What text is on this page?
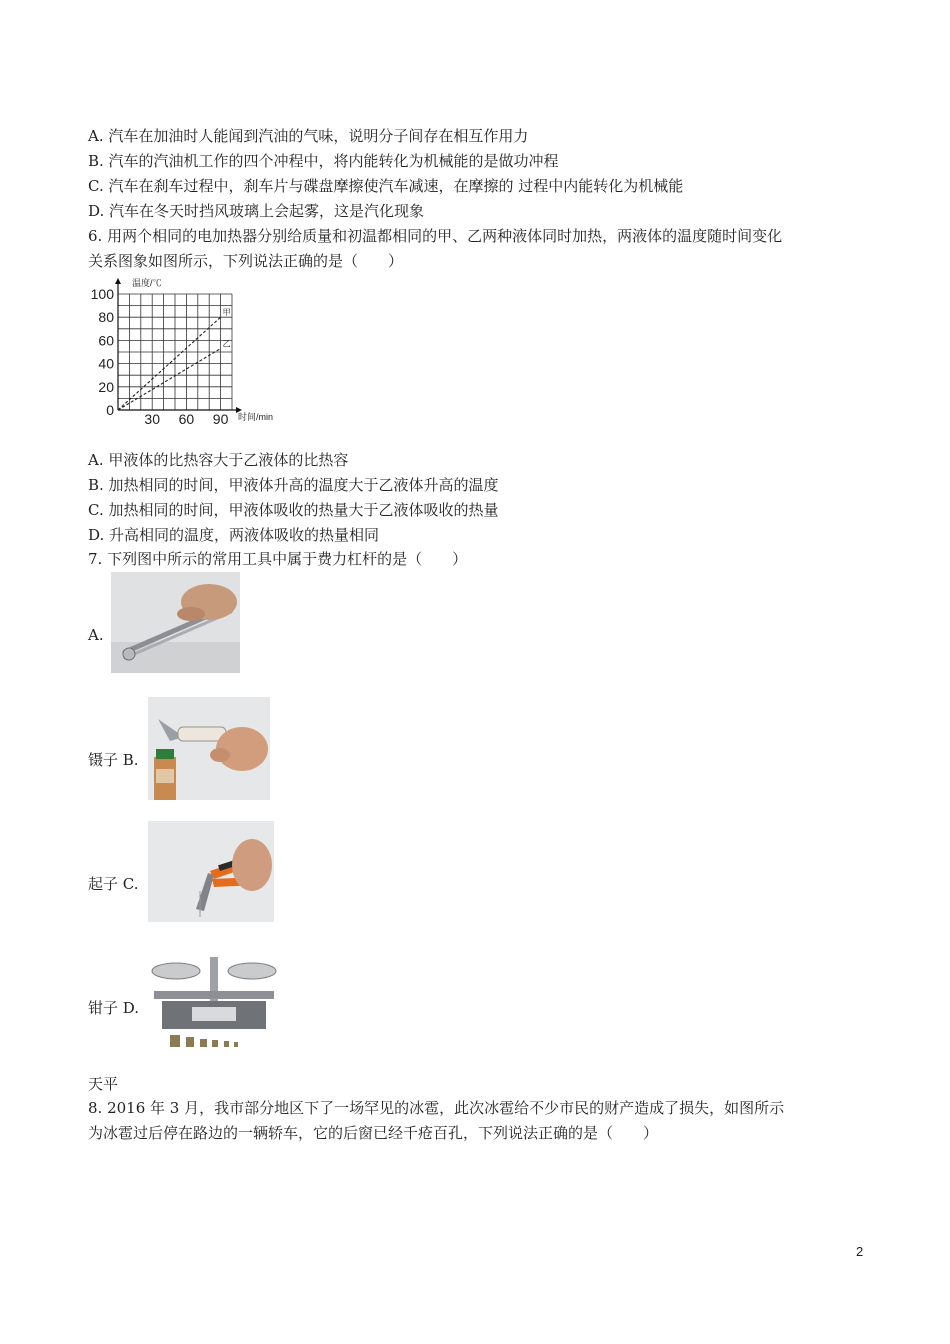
A. 汽车在加油时人能闻到汽油的气味，说明分子间存在相互作用力
B. 汽车的汽油机工作的四个冲程中，将内能转化为机械能的是做功冲程
C. 汽车在刹车过程中，刹车片与碟盘摩擦使汽车减速，在摩擦的 过程中内能转化为机械能
D. 汽车在冬天时挡风玻璃上会起雾，这是汽化现象
6. 用两个相同的电加热器分别给质量和初温都相同的甲、乙两种液体同时加热，两液体的温度随时间变化
关系图象如图所示，下列说法正确的是（　　）
甲
乙
100
80
60
40
20
0
30 60 90
温度/℃
时间/min
A. 甲液体的比热容大于乙液体的比热容
B. 加热相同的时间，甲液体升高的温度大于乙液体升高的温度
C. 加热相同的时间，甲液体吸收的热量大于乙液体吸收的热量
D. 升高相同的温度，两液体吸收的热量相同
7. 下列图中所示的常用工具中属于费力杠杆的是（　　）
A.
镊子 B.
起子 C.
钳子 D.
天平
8. 2016 年 3 月，我市部分地区下了一场罕见的冰雹，此次冰雹给不少市民的财产造成了损失，如图所示
为冰雹过后停在路边的一辆轿车，它的后窗已经千疮百孔，下列说法正确的是（　　）
2
